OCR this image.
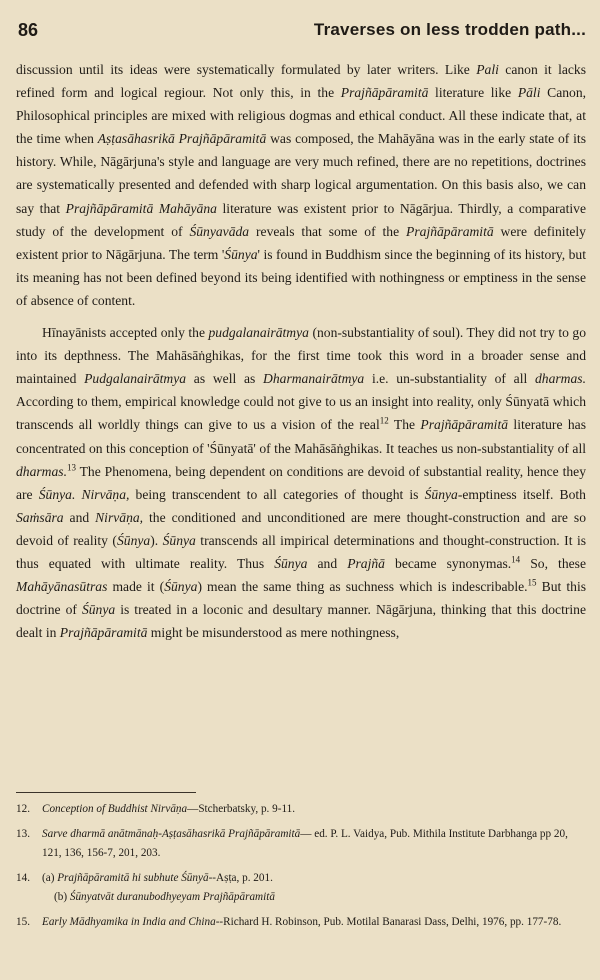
86	Traverses on less trodden path...

discussion until its ideas were systematically formulated by later writers. Like Pali canon it lacks refined form and logical regiour. Not only this, in the Prajñāpāramitā literature like Pāli Canon, Philosophical principles are mixed with religious dogmas and ethical conduct. All these indicate that, at the time when Aṣṭasāhasrikā Prajñāpāramitā was composed, the Mahāyāna was in the early state of its history. While, Nāgārjuna's style and language are very much refined, there are no repetitions, doctrines are systematically presented and defended with sharp logical argumentation. On this basis also, we can say that Prajñāpāramitā Mahāyāna literature was existent prior to Nāgārjua. Thirdly, a comparative study of the development of Śūnyavāda reveals that some of the Prajñāpāramitā were definitely existent prior to Nāgārjuna. The term 'Śūnya' is found in Buddhism since the beginning of its history, but its meaning has not been defined beyond its being identified with nothingness or emptiness in the sense of absence of content.

Hīnayānists accepted only the pudgalanairātmya (non-substantiality of soul). They did not try to go into its depthness. The Mahāsāṅghikas, for the first time took this word in a broader sense and maintained Pudgalanairātmya as well as Dharmanairātmya i.e. un-substantiality of all dharmas. According to them, empirical knowledge could not give to us an insight into reality, only Śūnyatā which transcends all worldly things can give to us a vision of the real$^{12}$ The Prajñāpāramitā literature has concentrated on this conception of 'Śūnyatā' of the Mahāsāṅghikas. It teaches us non-substantiality of all dharmas.$^{13}$ The Phenomena, being dependent on conditions are devoid of substantial reality, hence they are Śūnya. Nirvāṇa, being transcendent to all categories of thought is Śūnya-emptiness itself. Both Saṁsāra and Nirvāṇa, the conditioned and unconditioned are mere thought-construction and are so devoid of reality (Śūnya). Śūnya transcends all impirical determinations and thought-construction. It is thus equated with ultimate reality. Thus Śūnya and Prajñā became synonymas.$^{14}$ So, these Mahāyānasūtras made it (Śūnya) mean the same thing as suchness which is indescribable.$^{15}$ But this doctrine of Śūnya is treated in a loconic and desultary manner. Nāgārjuna, thinking that this doctrine dealt in Prajñāpāramitā might be misunderstood as mere nothingness,

12. Conception of Buddhist Nirvāṇa—Stcherbatsky, p. 9-11.

13. Sarve dharmā anātmānaḥ-Aṣṭasāhasrikā Prajñāpāramitā— ed. P. L. Vaidya, Pub. Mithila Institute Darbhanga pp 20, 121, 136, 156-7, 201, 203.

14. (a) Prajñāpāramitā hi subhute Śūnyā--Aṣṭa, p. 201.
(b) Śūnyatvāt duranubodhyeyam Prajñāpāramitā

15. Early Mādhyamika in India and China--Richard H. Robinson, Pub. Motilal Banarasi Dass, Delhi, 1976, pp. 177-78.
